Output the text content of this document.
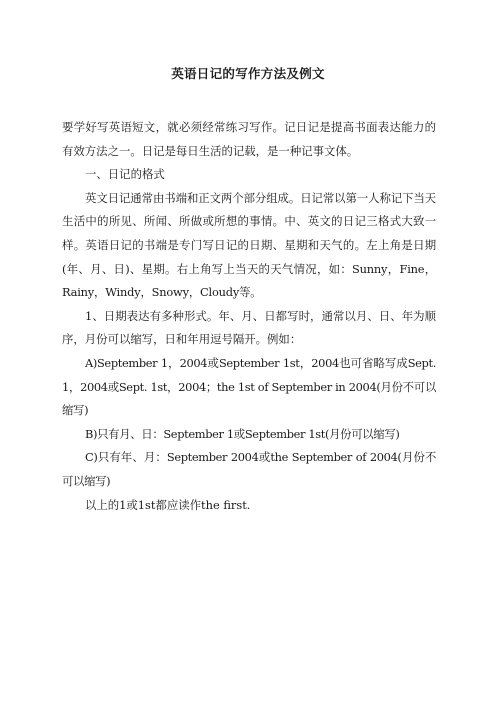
英语日记的写作方法及例文

要学好写英语短文，就必须经常练习写作。记日记是提高书面表达能力的有效方法之一。日记是每日生活的记载，是一种记事文体。

一、日记的格式

英文日记通常由书端和正文两个部分组成。日记常以第一人称记下当天生活中的所见、所闻、所做或所想的事情。中、英文的日记三格式大致一样。英语日记的书端是专门写日记的日期、星期和天气的。左上角是日期(年、月、日)、星期。右上角写上当天的天气情况，如：Sunny，Fine，Rainy，Windy，Snowy，Cloudy等。

1、日期表达有多种形式。年、月、日都写时，通常以月、日、年为顺序，月份可以缩写，日和年用逗号隔开。例如：

A)September 1，2004或September 1st，2004也可省略写成Sept. 1，2004或Sept. 1st，2004；the 1st of September in 2004(月份不可以缩写)

B)只有月、日：September 1或September 1st(月份可以缩写)

C)只有年、月：September 2004或the September of 2004(月份不可以缩写)

以上的1或1st都应读作the first.
